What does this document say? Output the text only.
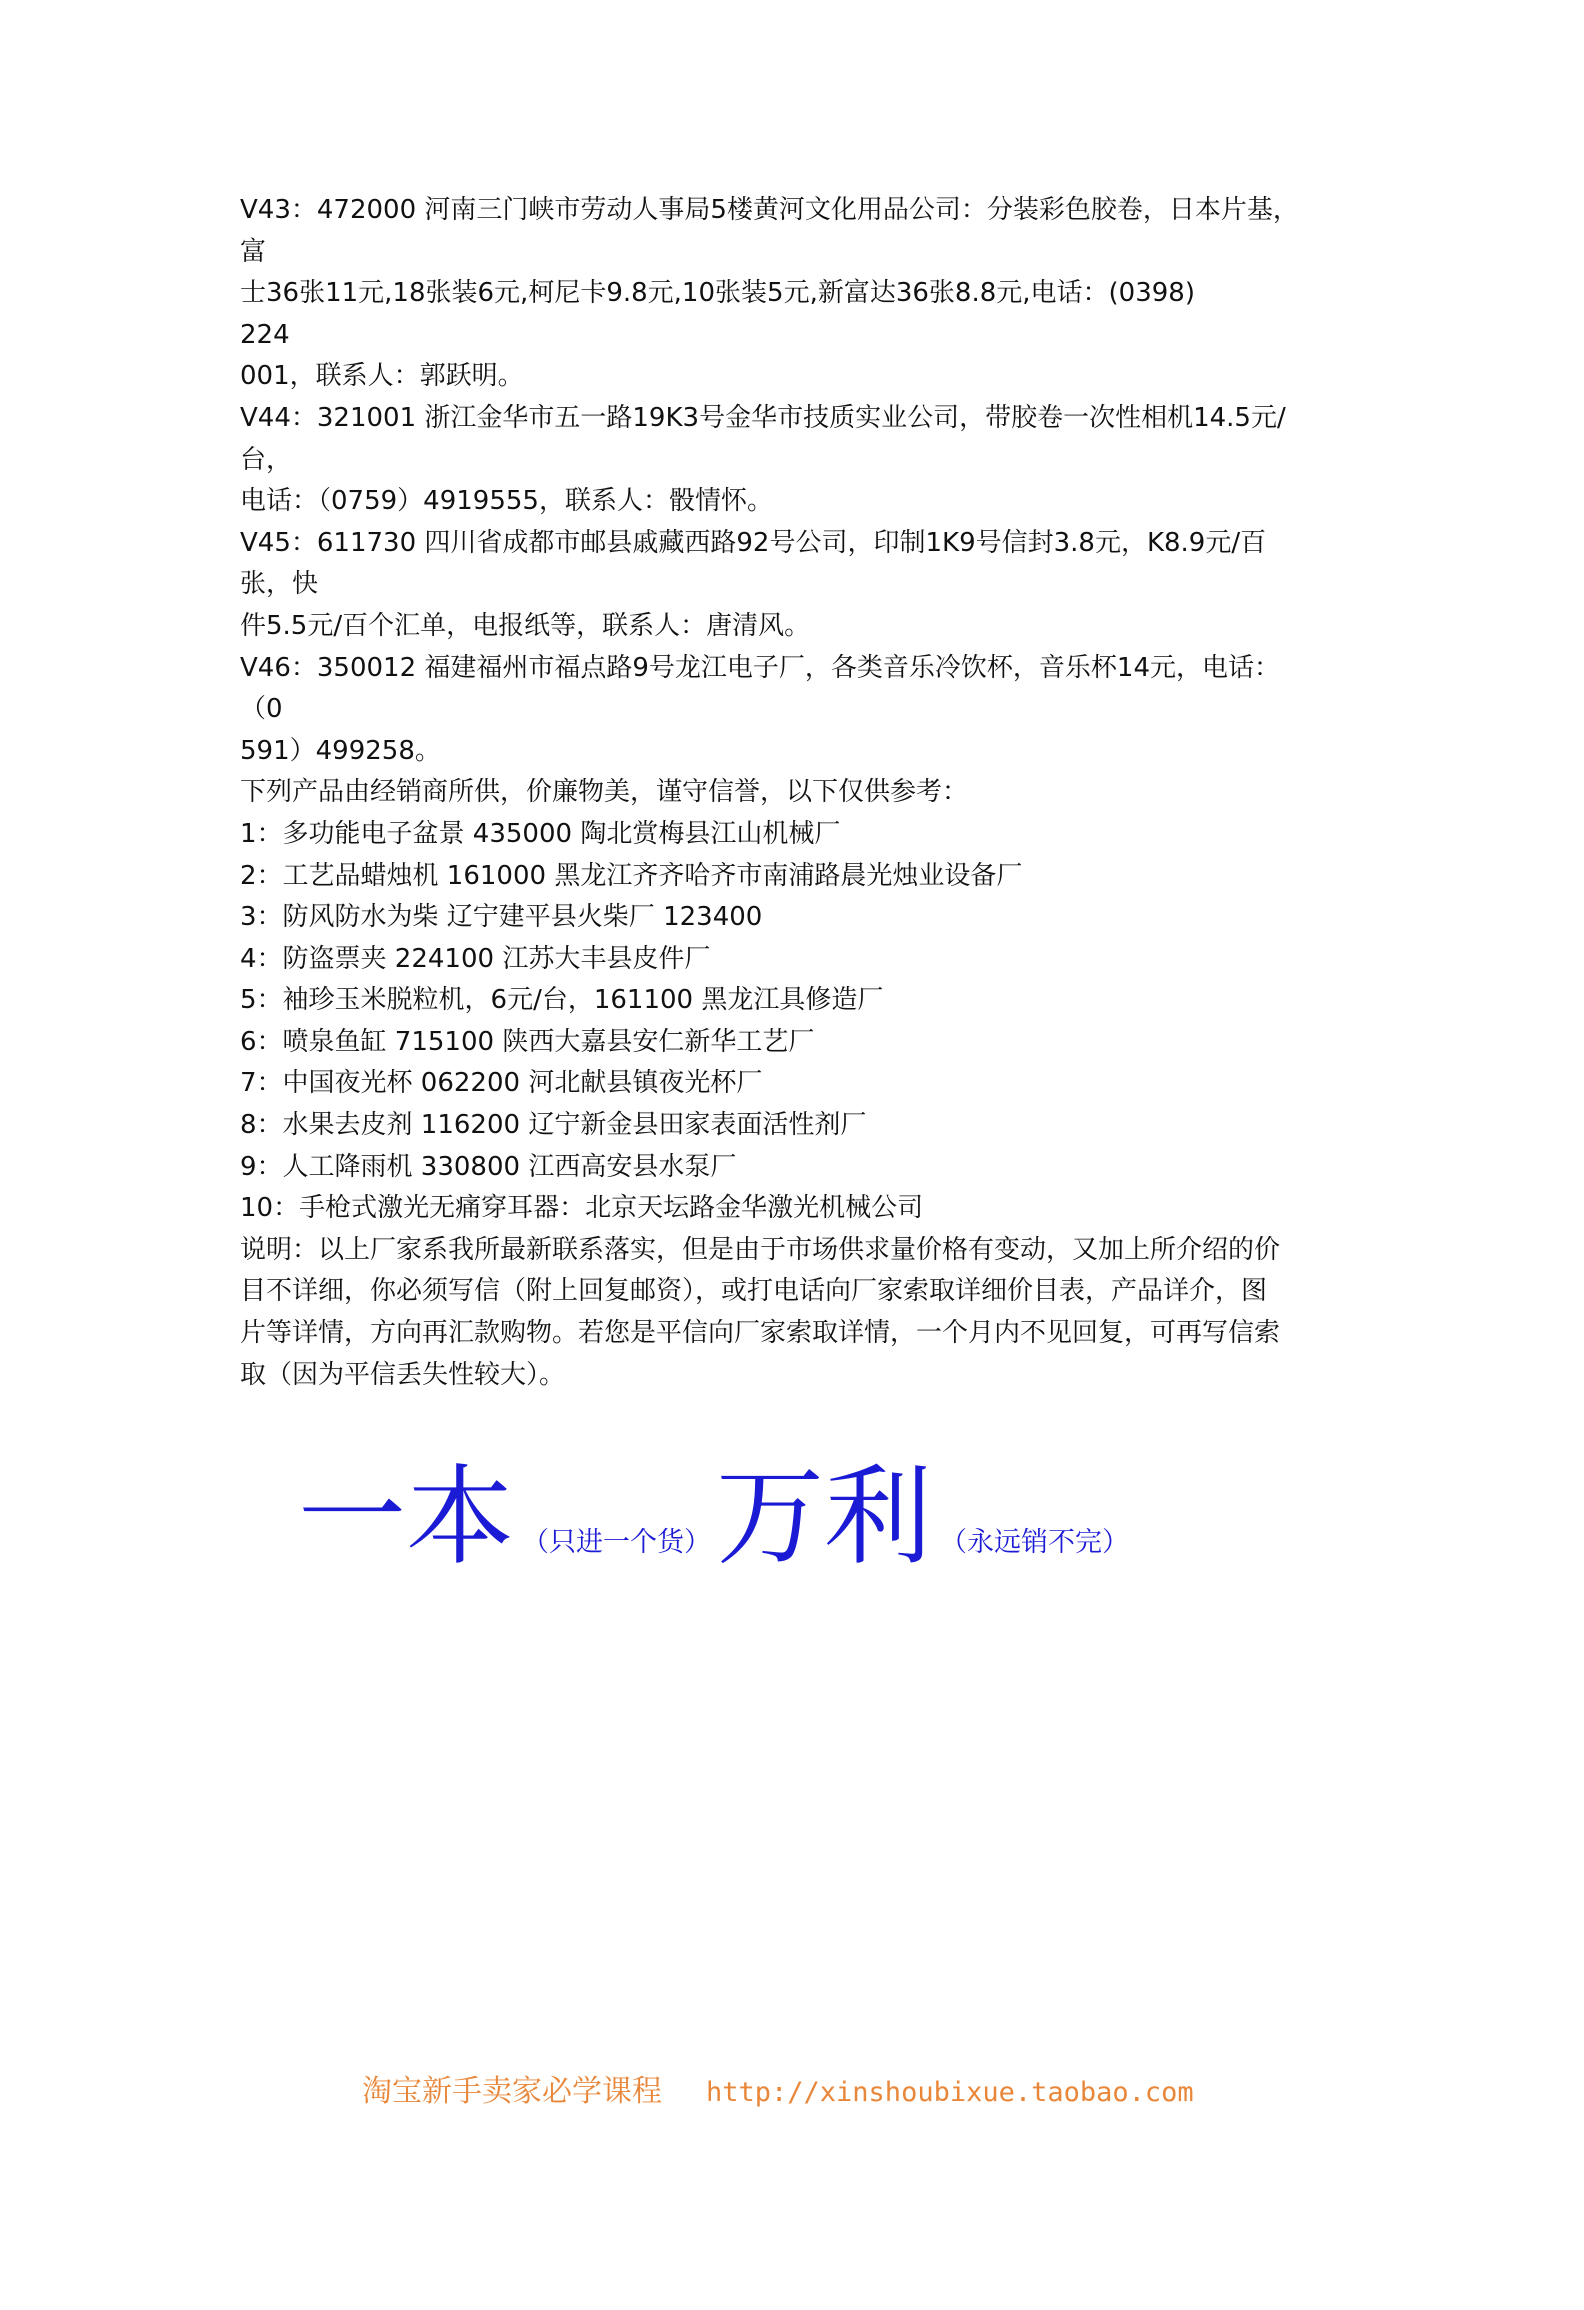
V43：472000 河南三门峡市劳动人事局5楼黄河文化用品公司：分装彩色胶卷，日本片基，
富
士36张11元,18张装6元,柯尼卡9.8元,10张装5元,新富达36张8.8元,电话：(0398)
224
001，联系人：郭跃明。
V44：321001 浙江金华市五一路19K3号金华市技质实业公司，带胶卷一次性相机14.5元/
台，
电话：（0759）4919555，联系人：骰情怀。
V45：611730 四川省成都市邮县戚藏西路92号公司，印制1K9号信封3.8元，K8.9元/百
张，快
件5.5元/百个汇单，电报纸等，联系人：唐清风。
V46：350012 福建福州市福点路9号龙江电子厂，各类音乐冷饮杯，音乐杯14元，电话：
（0
591）499258。
下列产品由经销商所供，价廉物美，谨守信誉，以下仅供参考：
1：多功能电子盆景 435000 陶北赏梅县江山机械厂
2：工艺品蜡烛机 161000 黑龙江齐齐哈齐市南浦路晨光烛业设备厂
3：防风防水为柴 辽宁建平县火柴厂 123400
4：防盗票夹 224100 江苏大丰县皮件厂
5：袖珍玉米脱粒机，6元/台，161100 黑龙江具修造厂
6：喷泉鱼缸 715100 陕西大嘉县安仁新华工艺厂
7：中国夜光杯 062200 河北献县镇夜光杯厂
8：水果去皮剂 116200 辽宁新金县田家表面活性剂厂
9：人工降雨机 330800 江西高安县水泵厂
10：手枪式激光无痛穿耳器：北京天坛路金华激光机械公司
说明：以上厂家系我所最新联系落实，但是由于市场供求量价格有变动，又加上所介绍的价
目不详细，你必须写信（附上回复邮资），或打电话向厂家索取详细价目表，产品详介，图
片等详情，方向再汇款购物。若您是平信向厂家索取详情，一个月内不见回复，可再写信索
取（因为平信丢失性较大）。
一本 （只进一个货） 万利 （永远销不完）
淘宝新手卖家必学课程 http://xinshoubixue.taobao.com
